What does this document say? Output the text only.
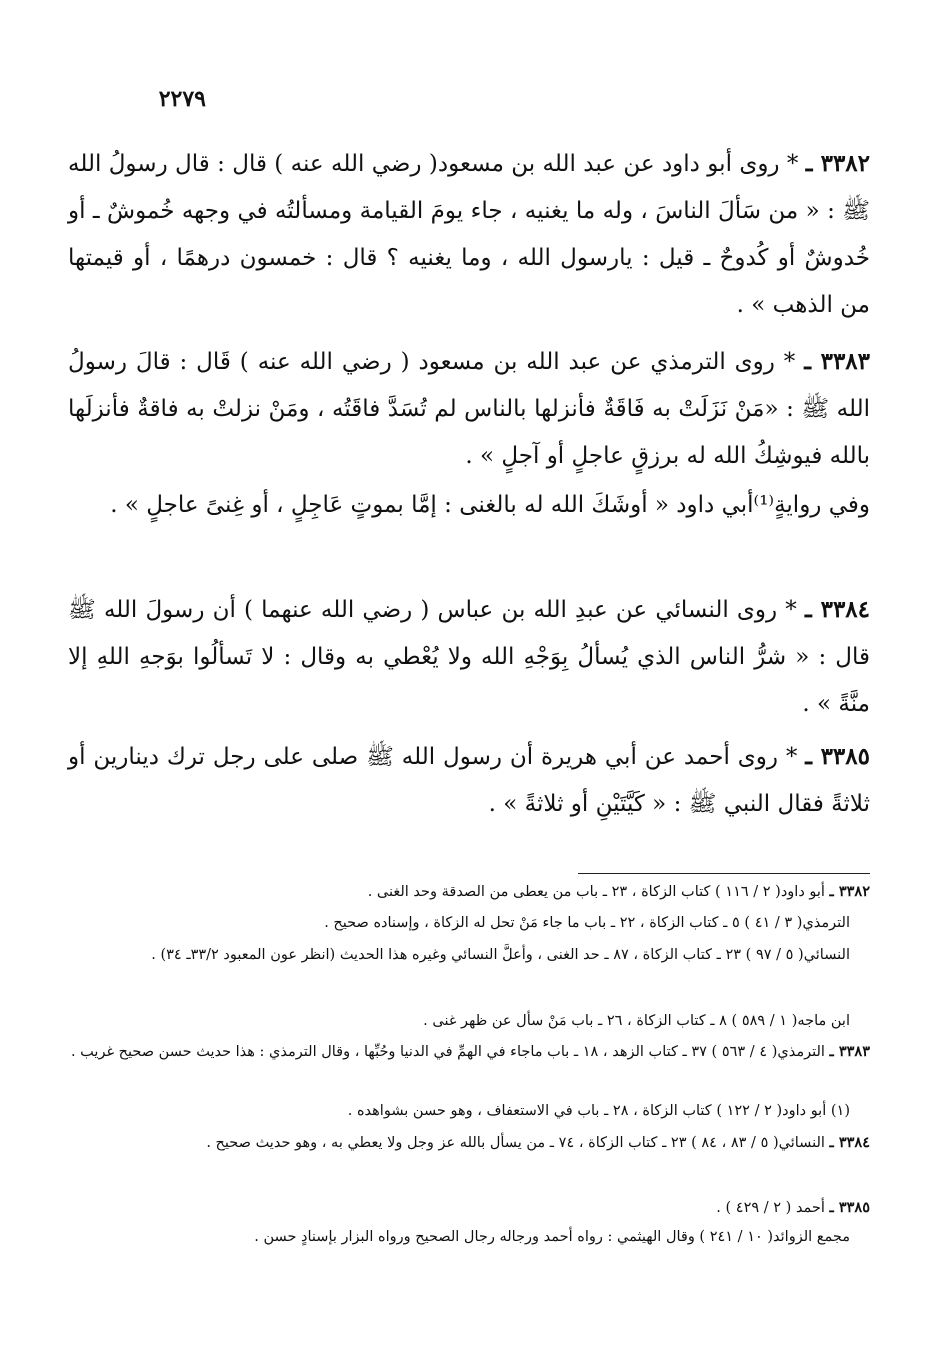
٢٢٧٩
٣٣٨٢ ـ * روى أبو داود عن عبد الله بن مسعود( رضي الله عنه ) قال : قال رسولُ الله ﷺ : « من سَألَ الناسَ ، وله ما يغنيه ، جاء يومَ القيامة ومسألتُه في وجهه خُموشٌ ـ أو خُدوشٌ أو كُدوحٌ ـ قيل : يارسول الله ، وما يغنيه ؟ قال : خمسون درهمًا ، أو قيمتها من الذهب » .
٣٣٨٣ ـ * روى الترمذي عن عبد الله بن مسعود ( رضي الله عنه ) قَال : قالَ رسولُ الله ﷺ : «مَنْ نَزَلَتْ به فَاقَةٌ فأنزلها بالناس لم تُسَدَّ فاقَتُه ، ومَنْ نزلتْ به فاقةٌ فأنزلَها بالله فيوشِكُ الله له برزقٍ عاجلٍ أو آجلٍ » .
وفي روايةٍ⁽¹⁾أبي داود « أوشَكَ الله له بالغنى : إمَّا بموتٍ عَاجِلٍ ، أو غِنىً عاجلٍ » .
٣٣٨٤ ـ * روى النسائي عن عبدِ الله بن عباس ( رضي الله عنهما ) أن رسولَ الله ﷺ قال : « شرُّ الناس الذي يُسألُ بِوَجْهِ الله ولا يُعْطي به وقال : لا تَسألُوا بوَجهِ اللهِ إلا منَّةً » .
٣٣٨٥ ـ * روى أحمد عن أبي هريرة أن رسول الله ﷺ صلى على رجل ترك دينارين أو ثلاثةً فقال النبي ﷺ : « كَيَّتَيْنِ أو ثلاثةً » .
٣٣٨٢ ـ أبو داود( ٢ / ١١٦ ) كتاب الزكاة ، ٢٣ ـ باب من يعطى من الصدقة وحد الغنى .
الترمذي( ٣ / ٤١ ) ٥ ـ كتاب الزكاة ، ٢٢ ـ باب ما جاء مَنْ تحل له الزكاة ، وإسناده صحيح .
النسائي( ٥ / ٩٧ ) ٢٣ ـ كتاب الزكاة ، ٨٧ ـ حد الغنى ، وأعلَّ النسائي وغيره هذا الحديث (انظر عون المعبود ٣٣/٢ـ ٣٤) .
ابن ماجه( ١ / ٥٨٩ ) ٨ ـ كتاب الزكاة ، ٢٦ ـ باب مَنْ سأل عن ظهر غنى .
٣٣٨٣ ـ الترمذي( ٤ / ٥٦٣ ) ٣٧ ـ كتاب الزهد ، ١٨ ـ باب ماجاء في الهمِّ في الدنيا وحُبِّها ، وقال الترمذي : هذا حديث حسن صحيح غريب .
(١) أبو داود( ٢ / ١٢٢ ) كتاب الزكاة ، ٢٨ ـ باب في الاستعفاف ، وهو حسن بشواهده .
٣٣٨٤ ـ النسائي( ٥ / ٨٣ ، ٨٤ ) ٢٣ ـ كتاب الزكاة ، ٧٤ ـ من يسأل بالله عز وجل ولا يعطي به ، وهو حديث صحيح .
٣٣٨٥ ـ أحمد ( ٢ / ٤٢٩ ) .
مجمع الزوائد( ١٠ / ٢٤١ ) وقال الهيثمي : رواه أحمد ورجاله رجال الصحيح ورواه البزار بإسنادٍ حسن .
